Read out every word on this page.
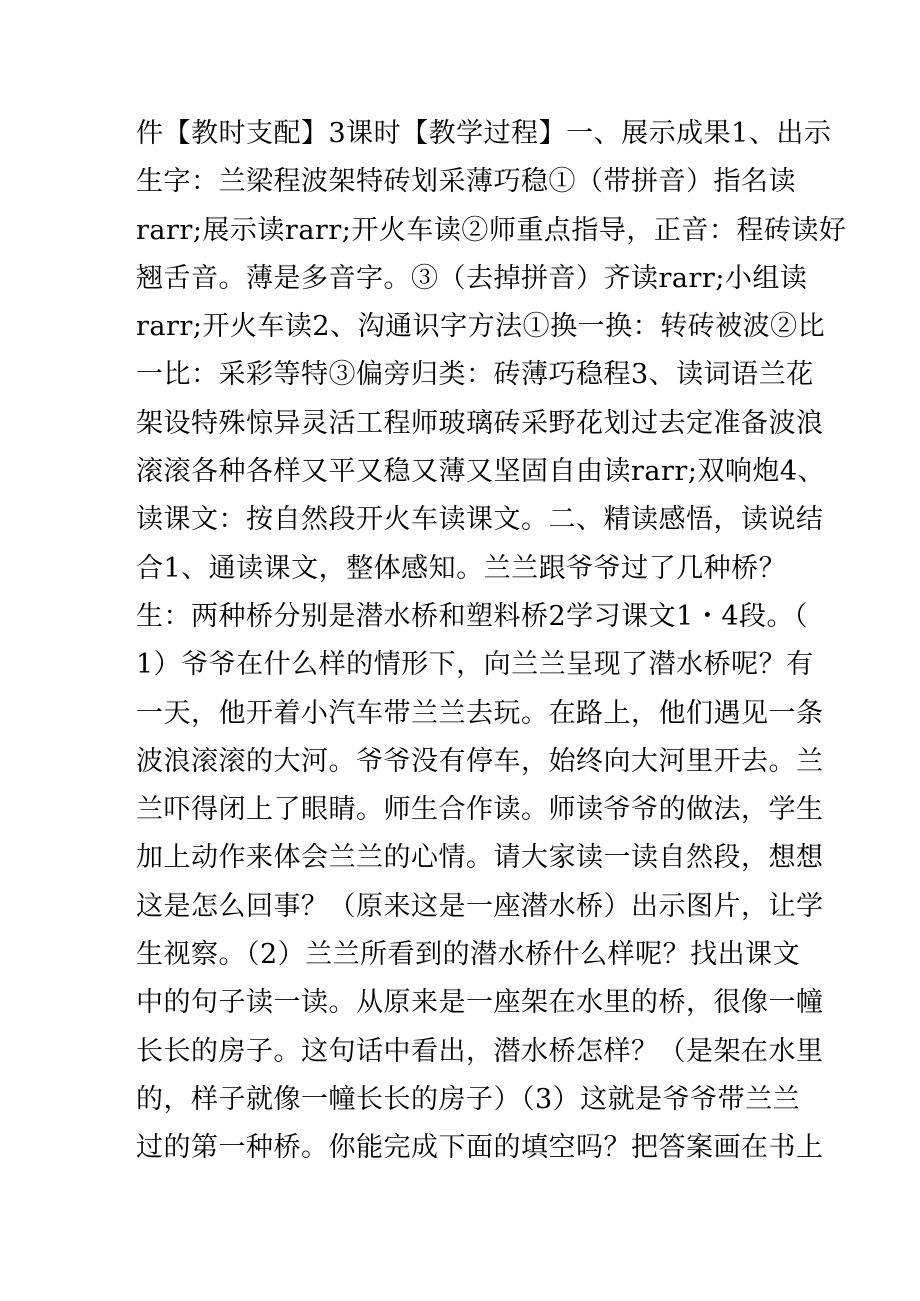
件【教时支配】3课时【教学过程】一、展示成果1、出示
生字：兰梁程波架特砖划采薄巧稳①（带拼音）指名读
rarr;展示读rarr;开火车读②师重点指导，正音：程砖读好
翘舌音。薄是多音字。③（去掉拼音）齐读rarr;小组读
rarr;开火车读2、沟通识字方法①换一换：转砖被波②比
一比：采彩等特③偏旁归类：砖薄巧稳程3、读词语兰花
架设特殊惊异灵活工程师玻璃砖采野花划过去定准备波浪
滚滚各种各样又平又稳又薄又坚固自由读rarr;双响炮4、
读课文：按自然段开火车读课文。二、精读感悟，读说结
合1、通读课文，整体感知。兰兰跟爷爷过了几种桥？
生：两种桥分别是潜水桥和塑料桥2学习课文1・4段。（
1）爷爷在什么样的情形下，向兰兰呈现了潜水桥呢？有
一天，他开着小汽车带兰兰去玩。在路上，他们遇见一条
波浪滚滚的大河。爷爷没有停车，始终向大河里开去。兰
兰吓得闭上了眼睛。师生合作读。师读爷爷的做法，学生
加上动作来体会兰兰的心情。请大家读一读自然段，想想
这是怎么回事？（原来这是一座潜水桥）出示图片，让学
生视察。（2）兰兰所看到的潜水桥什么样呢？找出课文
中的句子读一读。从原来是一座架在水里的桥，很像一幢
长长的房子。这句话中看出，潜水桥怎样？（是架在水里
的，样子就像一幢长长的房子）（3）这就是爷爷带兰兰
过的第一种桥。你能完成下面的填空吗？把答案画在书上
